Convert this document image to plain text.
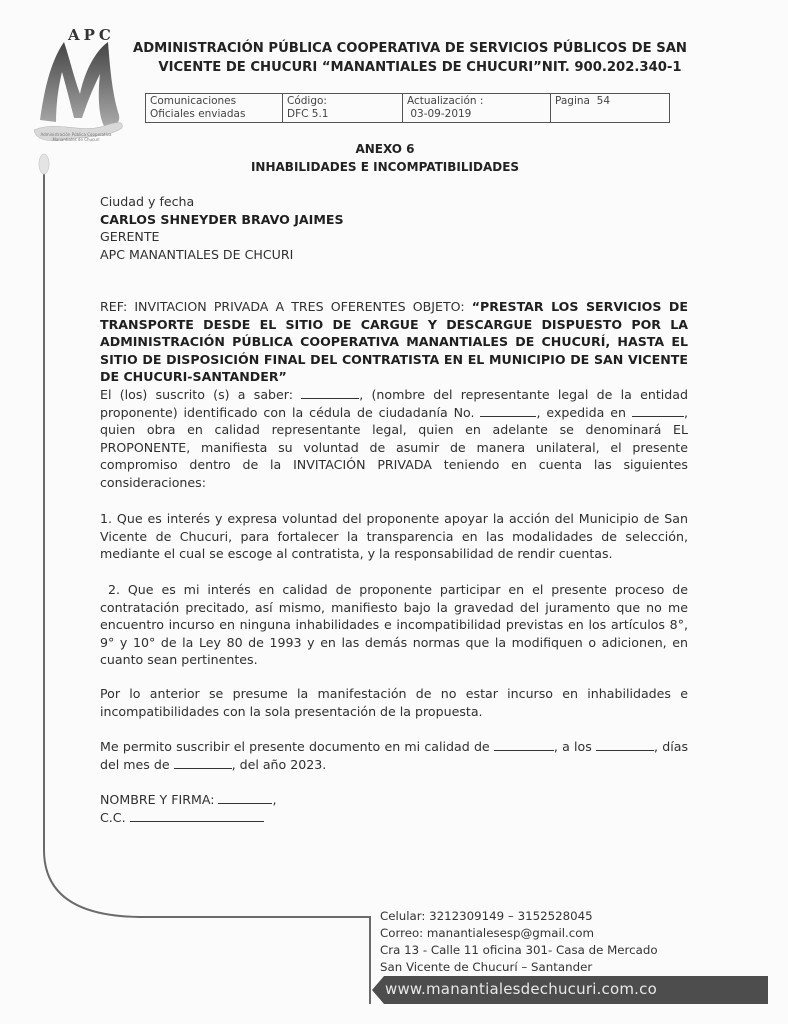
APC
Administración Pública Cooperativa Manantiales de Chucurí
ADMINISTRACIÓN PÚBLICA COOPERATIVA DE SERVICIOS PÚBLICOS DE SAN
VICENTE DE CHUCURI “MANANTIALES DE CHUCURI”NIT. 900.202.340-1
Comunicaciones
Oficiales enviadas

Código:
DFC 5.1

Actualización :
03-09-2019

Pagina  54
ANEXO 6
INHABILIDADES E INCOMPATIBILIDADES
Ciudad y fecha
CARLOS SHNEYDER BRAVO JAIMES
GERENTE
APC MANANTIALES DE CHCURI
REF: INVITACION PRIVADA A TRES OFERENTES OBJETO: “PRESTAR LOS SERVICIOS DE TRANSPORTE DESDE EL SITIO DE CARGUE Y DESCARGUE DISPUESTO POR LA ADMINISTRACIÓN PÚBLICA COOPERATIVA MANANTIALES DE CHUCURÍ, HASTA EL SITIO DE DISPOSICIÓN FINAL DEL CONTRATISTA EN EL MUNICIPIO DE SAN VICENTE DE CHUCURI-SANTANDER”
El (los) suscrito (s) a saber:	, (nombre del representante legal de la entidad proponente) identificado con la cédula de ciudadanía No.	, expedida en	, quien obra en calidad representante legal, quien en adelante se denominará EL PROPONENTE, manifiesta su voluntad de asumir de manera unilateral, el presente compromiso dentro de la INVITACIÓN PRIVADA teniendo en cuenta las siguientes consideraciones:
1. Que es interés y expresa voluntad del proponente apoyar la acción del Municipio de San Vicente de Chucuri, para fortalecer la transparencia en las modalidades de selección, mediante el cual se escoge al contratista, y la responsabilidad de rendir cuentas.
2. Que es mi interés en calidad de proponente participar en el presente proceso de contratación precitado, así mismo, manifiesto bajo la gravedad del juramento que no me encuentro incurso en ninguna inhabilidades e incompatibilidad previstas en los artículos 8°, 9° y 10° de la Ley 80 de 1993 y en las demás normas que la modifiquen o adicionen, en cuanto sean pertinentes.
Por lo anterior se presume la manifestación de no estar incurso en inhabilidades e incompatibilidades con la sola presentación de la propuesta.
Me permito suscribir el presente documento en mi calidad de	, a los	, días del mes de	, del año 2023.
NOMBRE Y FIRMA:	,
C.C.
Celular: 3212309149 – 3152528045
Correo: manantialesesp@gmail.com
Cra 13 - Calle 11 oficina 301- Casa de Mercado
San Vicente de Chucurí – Santander
www.manantialesdechucuri.com.co
